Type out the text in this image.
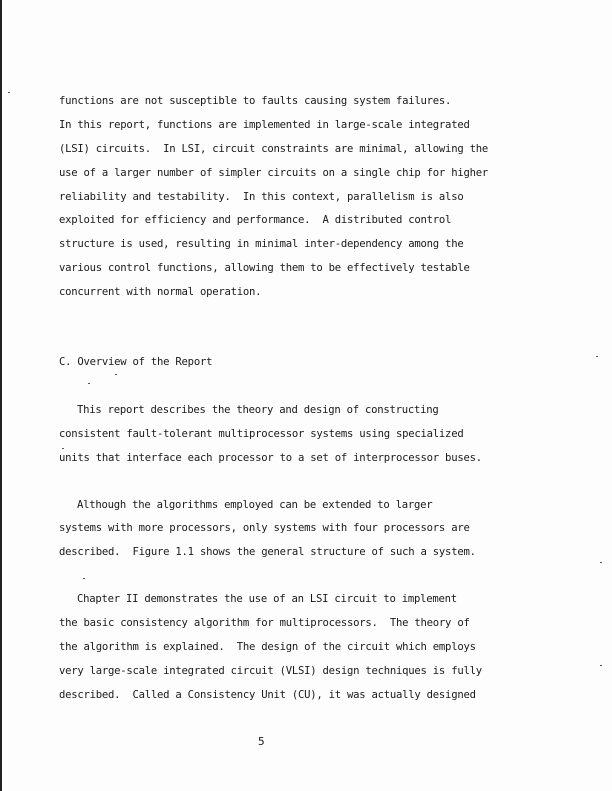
functions are not susceptible to faults causing system failures.
In this report, functions are implemented in large-scale integrated
(LSI) circuits.  In LSI, circuit constraints are minimal, allowing the
use of a larger number of simpler circuits on a single chip for higher
reliability and testability.  In this context, parallelism is also
exploited for efficiency and performance.  A distributed control
structure is used, resulting in minimal inter-dependency among the
various control functions, allowing them to be effectively testable
concurrent with normal operation.
C. Overview of the Report
This report describes the theory and design of constructing
consistent fault-tolerant multiprocessor systems using specialized
units that interface each processor to a set of interprocessor buses.
Although the algorithms employed can be extended to larger
systems with more processors, only systems with four processors are
described.  Figure 1.1 shows the general structure of such a system.
Chapter II demonstrates the use of an LSI circuit to implement
the basic consistency algorithm for multiprocessors.  The theory of
the algorithm is explained.  The design of the circuit which employs
very large-scale integrated circuit (VLSI) design techniques is fully
described.  Called a Consistency Unit (CU), it was actually designed
5
